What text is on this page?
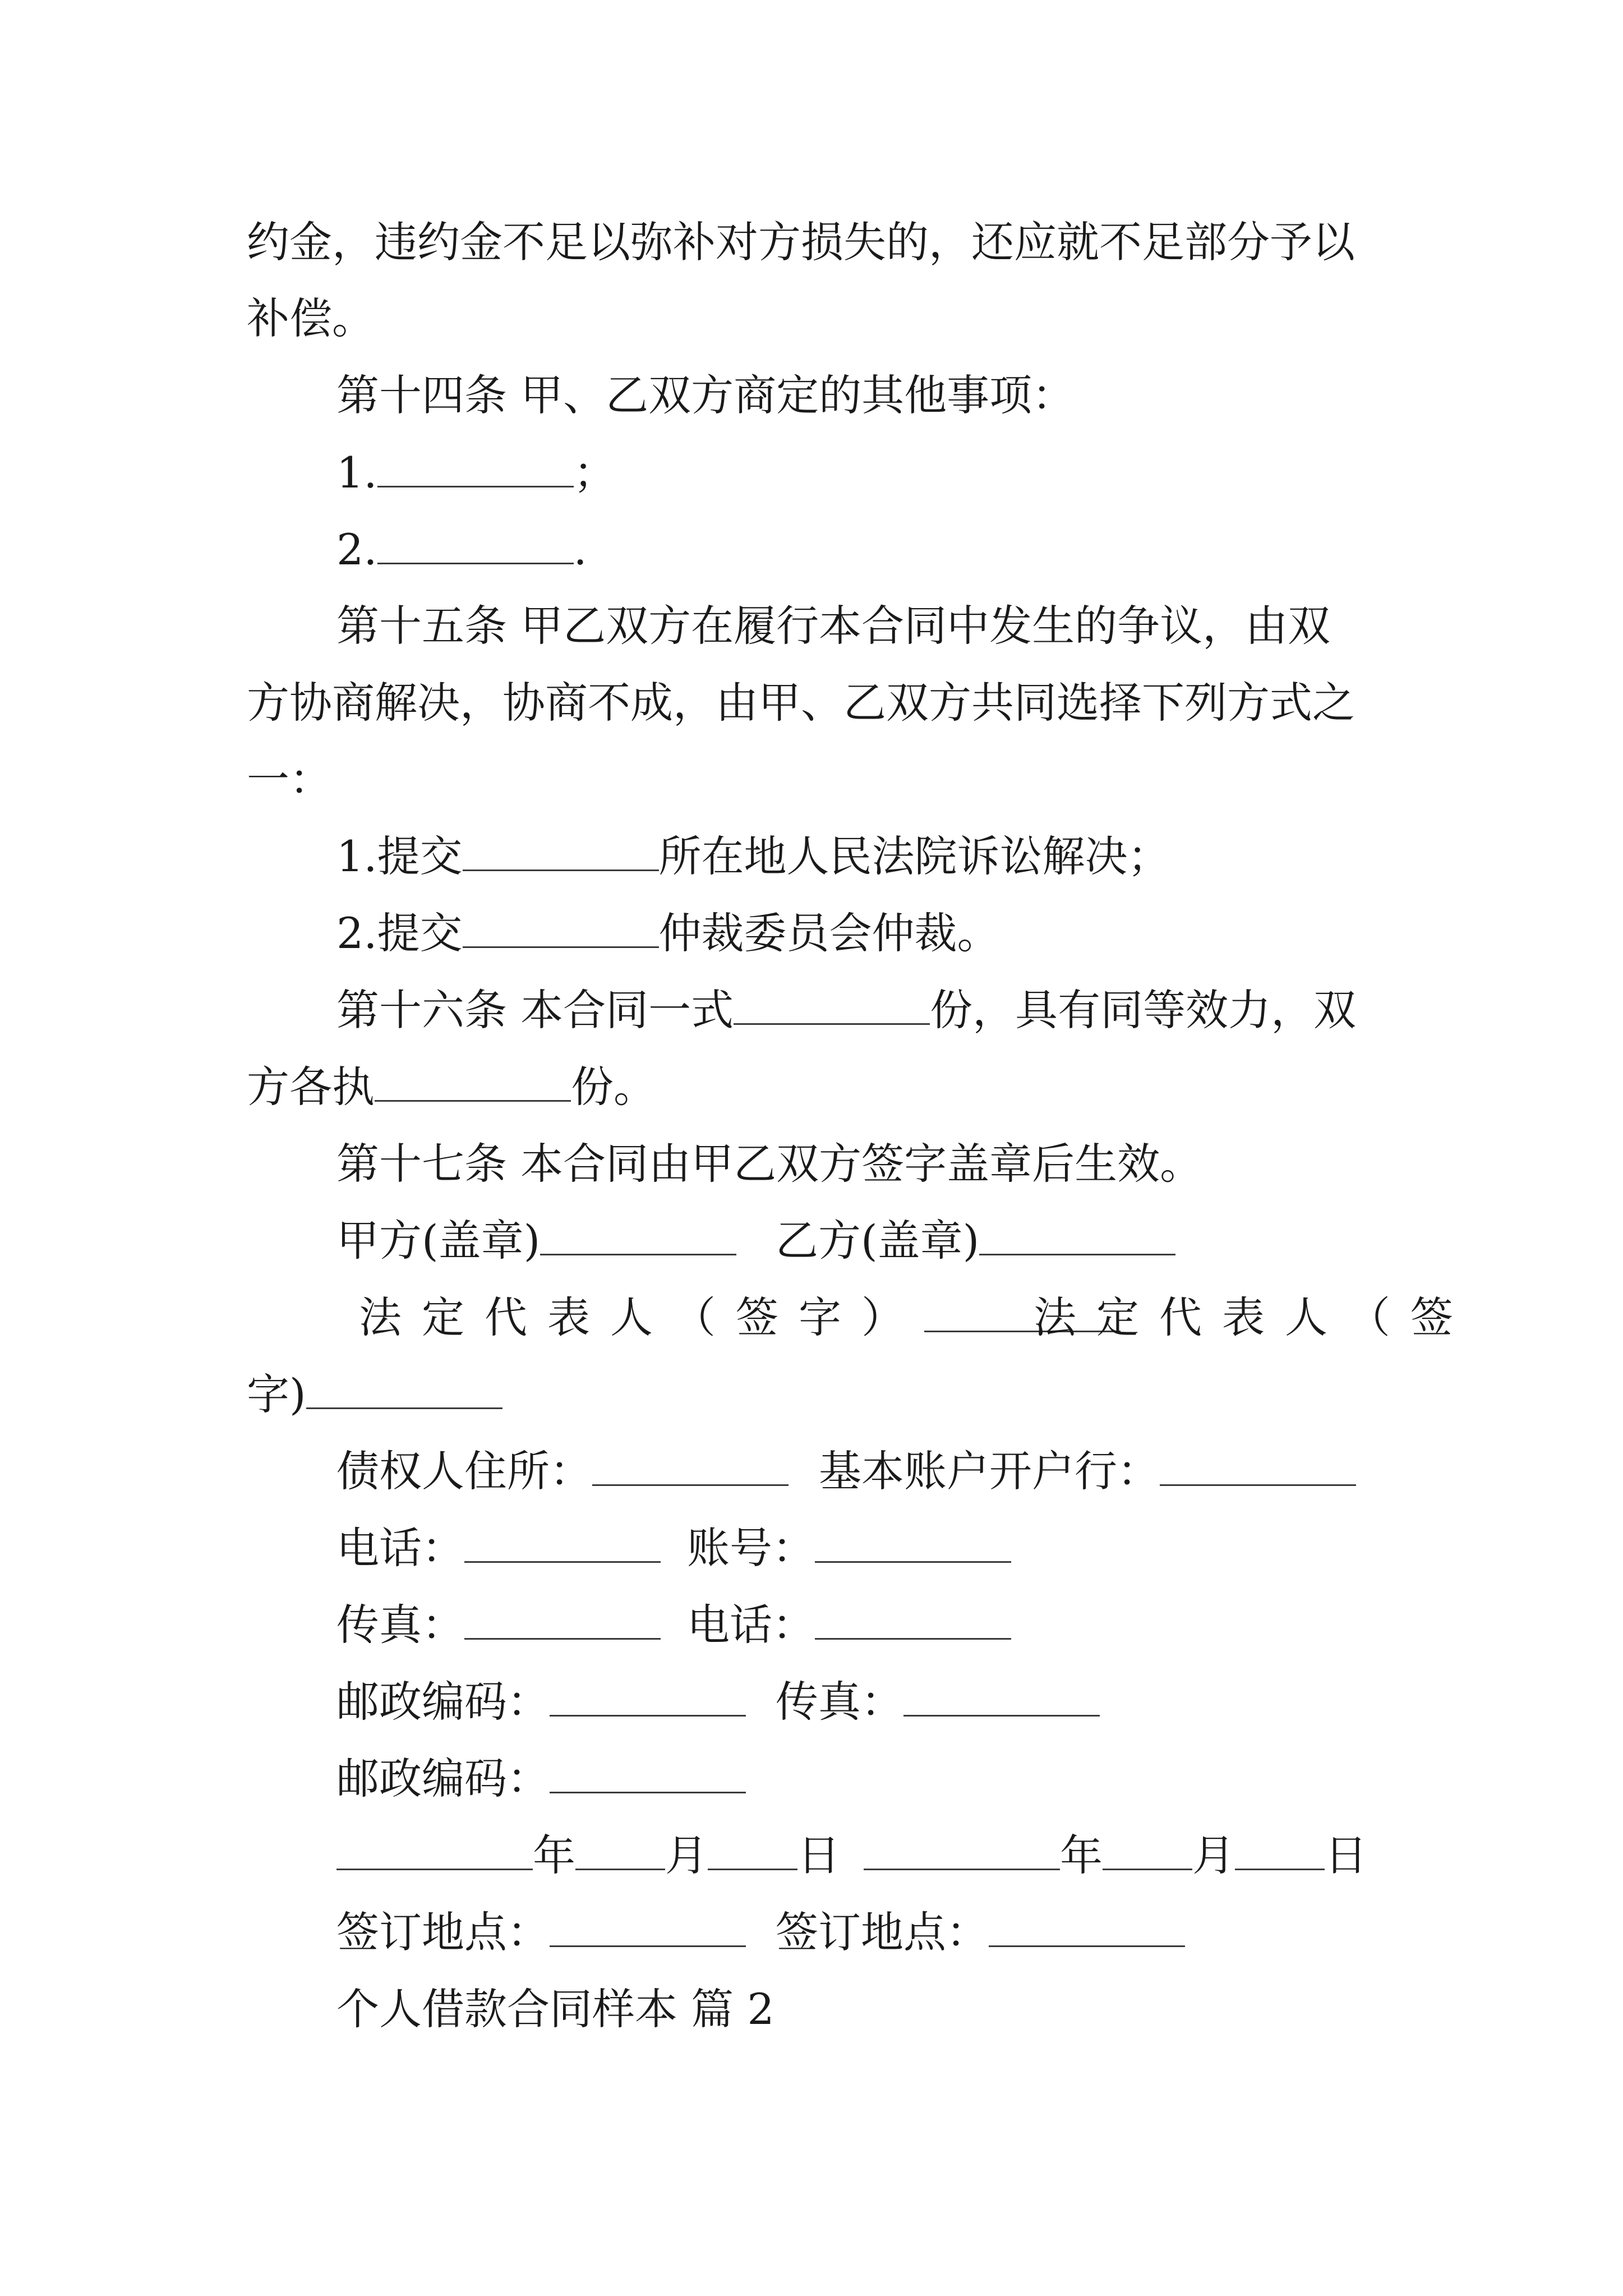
约金，违约金不足以弥补对方损失的，还应就不足部分予以
补偿。
第十四条 甲、乙双方商定的其他事项：
1.	；
2.	.
第十五条 甲乙双方在履行本合同中发生的争议，由双
方协商解决，协商不成，由甲、乙双方共同选择下列方式之
一：
1.提交	所在地人民法院诉讼解决；
2.提交	仲裁委员会仲裁。
第十六条 本合同一式	份，具有同等效力，双
方各执	份。
第十七条 本合同由甲乙双方签字盖章后生效。
甲方(盖章)	乙方(盖章)
法定代表人（签字）	法定代表人（签
字)
债权人住所：	基本账户开户行：
电话：	账号：
传真：	电话：
邮政编码：	传真：
邮政编码：
年 月 日	年 月 日
签订地点：	签订地点：
个人借款合同样本 篇 2
